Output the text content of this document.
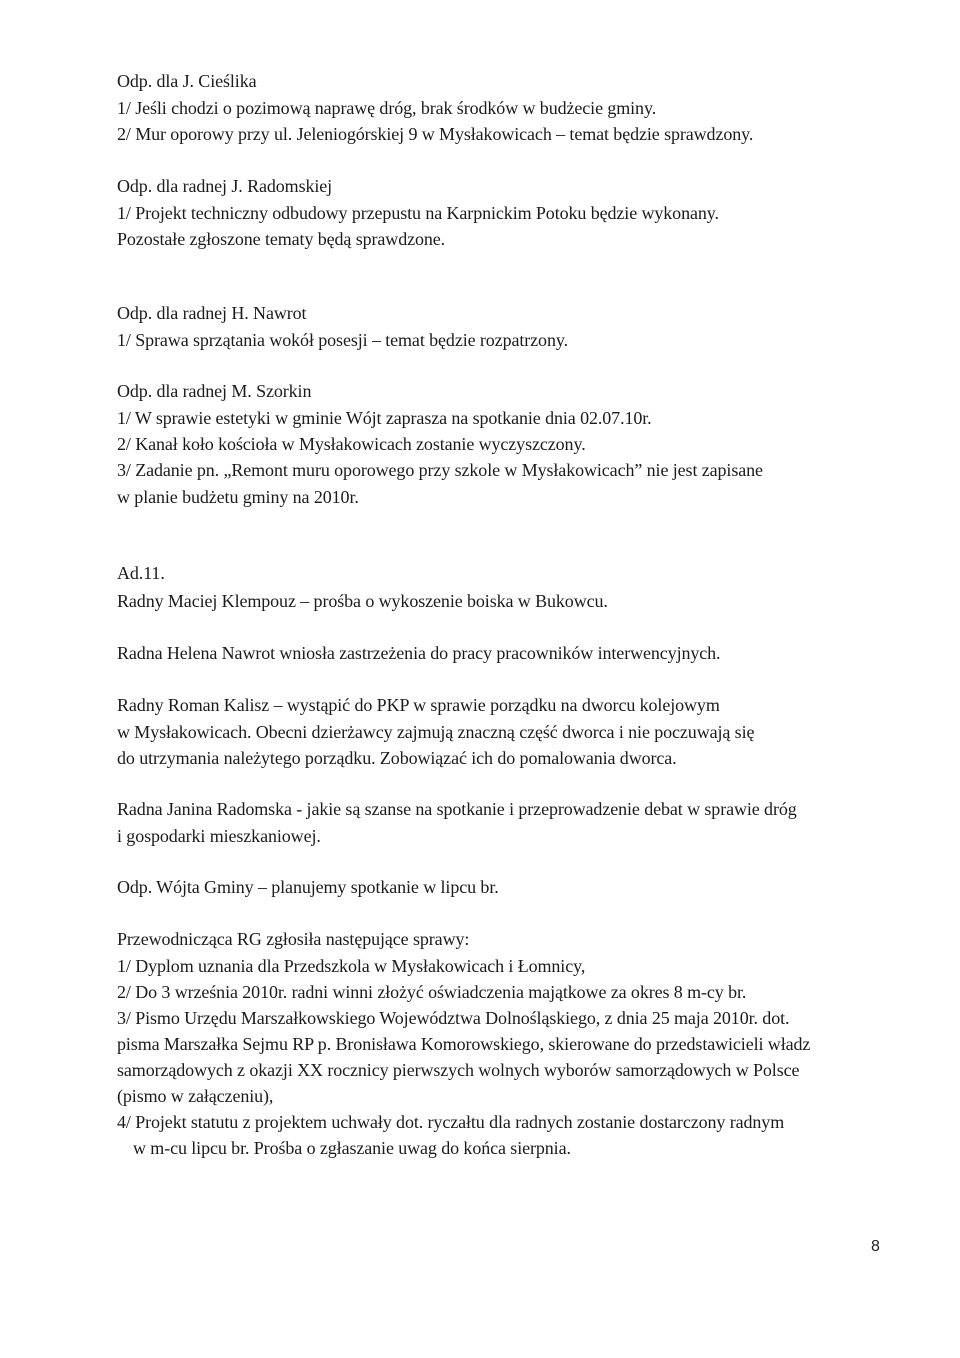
Odp. dla J. Cieślika
1/ Jeśli chodzi o pozimową naprawę dróg, brak środków w budżecie gminy.
2/ Mur oporowy przy ul. Jeleniogórskiej 9 w Mysłakowicach – temat będzie sprawdzony.
Odp. dla radnej J. Radomskiej
1/ Projekt techniczny odbudowy przepustu na Karpnickim Potoku będzie wykonany.
Pozostałe zgłoszone tematy będą sprawdzone.
Odp. dla radnej H. Nawrot
1/ Sprawa sprzątania wokół posesji – temat będzie rozpatrzony.
Odp. dla radnej M. Szorkin
1/ W sprawie estetyki w gminie Wójt zaprasza na spotkanie dnia 02.07.10r.
2/ Kanał koło kościoła w Mysłakowicach zostanie wyczyszczony.
3/ Zadanie pn. „Remont muru oporowego przy szkole w Mysłakowicach” nie jest zapisane
w planie budżetu gminy na 2010r.
Ad.11.
Radny Maciej Klempouz – prośba o wykoszenie boiska w Bukowcu.
Radna Helena Nawrot wniosła zastrzeżenia do pracy pracowników interwencyjnych.
Radny Roman Kalisz – wystąpić do PKP w sprawie porządku na dworcu kolejowym
w Mysłakowicach. Obecni dzierżawcy zajmują znaczną część dworca i nie poczuwają się
do utrzymania należytego porządku. Zobowiązać ich do pomalowania dworca.
Radna Janina Radomska - jakie są szanse na spotkanie i przeprowadzenie debat w sprawie dróg
i gospodarki mieszkaniowej.
Odp. Wójta Gminy – planujemy spotkanie w lipcu br.
Przewodnicząca RG zgłosiła następujące sprawy:
1/ Dyplom uznania dla Przedszkola w Mysłakowicach i Łomnicy,
2/ Do 3 września 2010r. radni winni złożyć oświadczenia majątkowe za okres 8 m-cy br.
3/ Pismo Urzędu Marszałkowskiego Województwa Dolnośląskiego, z dnia 25 maja 2010r. dot.
pisma Marszałka Sejmu RP p. Bronisława Komorowskiego, skierowane do przedstawicieli władz
samorządowych z okazji XX rocznicy pierwszych wolnych wyborów samorządowych w Polsce
(pismo w załączeniu),
4/ Projekt statutu z projektem uchwały dot. ryczałtu dla radnych zostanie dostarczony radnym
w m-cu lipcu br. Prośba o zgłaszanie uwag do końca sierpnia.
8
